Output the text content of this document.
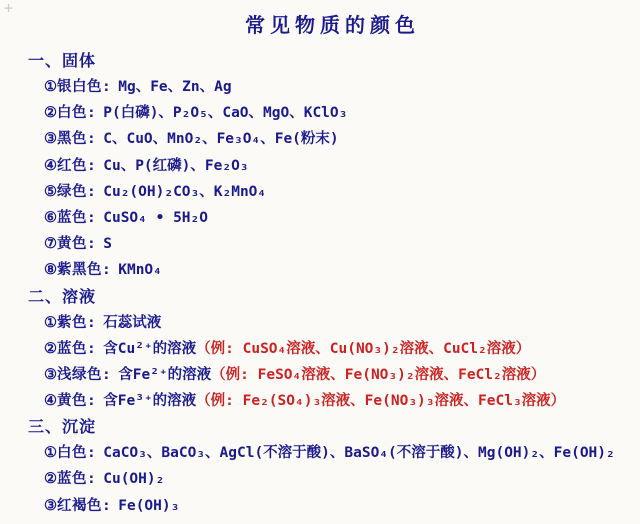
+
常见物质的颜色
一、固体
①银白色: Mg、Fe、Zn、Ag
②白色: P(白磷)、P₂O₅、CaO、MgO、KClO₃
③黑色: C、CuO、MnO₂、Fe₃O₄、Fe(粉末)
④红色: Cu、P(红磷)、Fe₂O₃
⑤绿色: Cu₂(OH)₂CO₃、K₂MnO₄
⑥蓝色: CuSO₄ • 5H₂O
⑦黄色: S
⑧紫黑色: KMnO₄
二、溶液
①紫色: 石蕊试液
②蓝色: 含Cu²⁺的溶液（例: CuSO₄溶液、Cu(NO₃)₂溶液、CuCl₂溶液）
③浅绿色: 含Fe²⁺的溶液（例: FeSO₄溶液、Fe(NO₃)₂溶液、FeCl₂溶液）
④黄色: 含Fe³⁺的溶液（例: Fe₂(SO₄)₃溶液、Fe(NO₃)₃溶液、FeCl₃溶液）
三、沉淀
①白色: CaCO₃、BaCO₃、AgCl(不溶于酸)、BaSO₄(不溶于酸)、Mg(OH)₂、Fe(OH)₂
②蓝色: Cu(OH)₂
③红褐色: Fe(OH)₃
